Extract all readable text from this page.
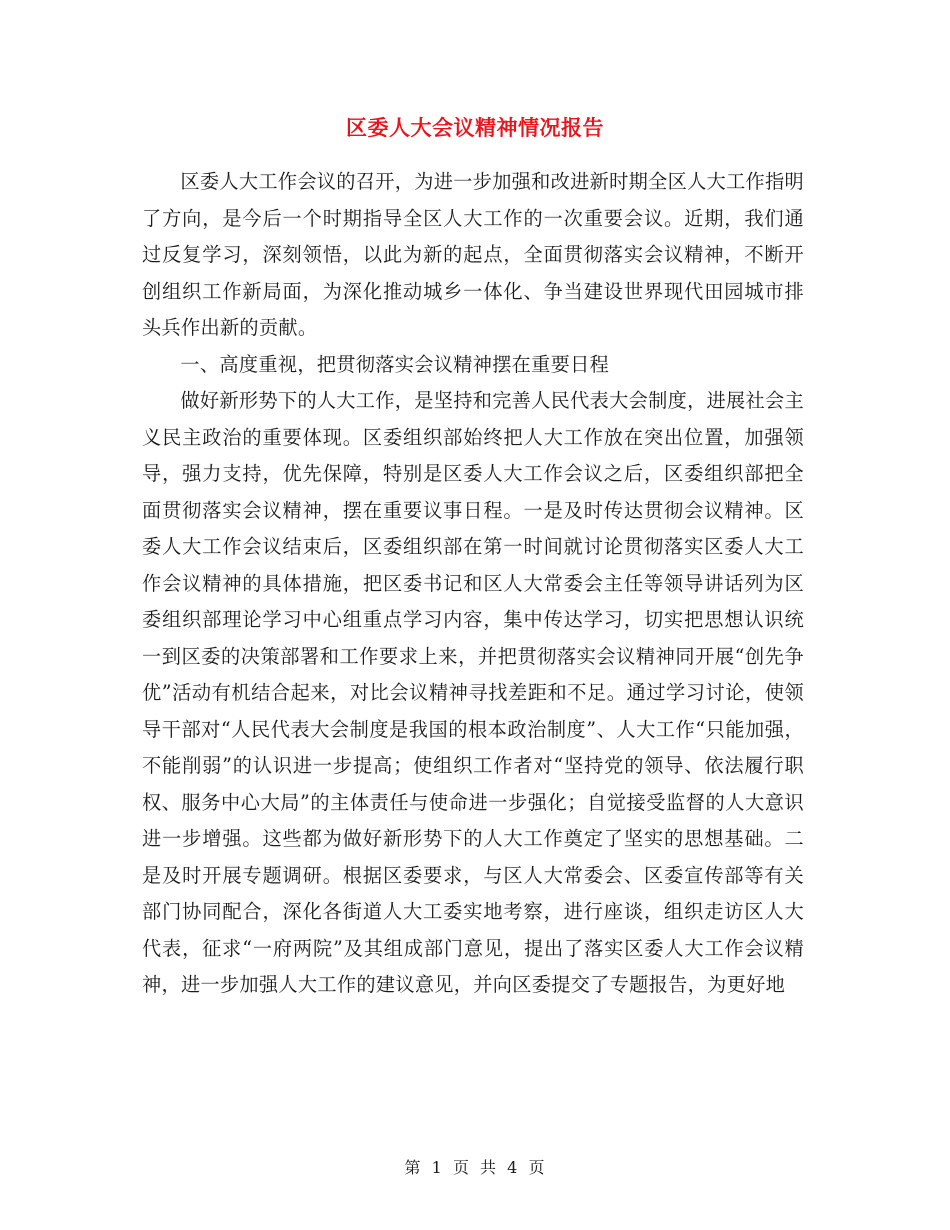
区委人大会议精神情况报告

区委人大工作会议的召开，为进一步加强和改进新时期全区人大工作指明了方向，是今后一个时期指导全区人大工作的一次重要会议。近期，我们通过反复学习，深刻领悟，以此为新的起点，全面贯彻落实会议精神，不断开创组织工作新局面，为深化推动城乡一体化、争当建设世界现代田园城市排头兵作出新的贡献。

一、高度重视，把贯彻落实会议精神摆在重要日程

做好新形势下的人大工作，是坚持和完善人民代表大会制度，进展社会主义民主政治的重要体现。区委组织部始终把人大工作放在突出位置，加强领导，强力支持，优先保障，特别是区委人大工作会议之后，区委组织部把全面贯彻落实会议精神，摆在重要议事日程。一是及时传达贯彻会议精神。区委人大工作会议结束后，区委组织部在第一时间就讨论贯彻落实区委人大工作会议精神的具体措施，把区委书记和区人大常委会主任等领导讲话列为区委组织部理论学习中心组重点学习内容，集中传达学习，切实把思想认识统一到区委的决策部署和工作要求上来，并把贯彻落实会议精神同开展“创先争优”活动有机结合起来，对比会议精神寻找差距和不足。通过学习讨论，使领导干部对“人民代表大会制度是我国的根本政治制度”、人大工作“只能加强，不能削弱”的认识进一步提高；使组织工作者对“坚持党的领导、依法履行职权、服务中心大局”的主体责任与使命进一步强化；自觉接受监督的人大意识进一步增强。这些都为做好新形势下的人大工作奠定了坚实的思想基础。二是及时开展专题调研。根据区委要求，与区人大常委会、区委宣传部等有关部门协同配合，深化各街道人大工委实地考察，进行座谈，组织走访区人大代表，征求“一府两院”及其组成部门意见，提出了落实区委人大工作会议精神，进一步加强人大工作的建议意见，并向区委提交了专题报告，为更好地

第 1 页 共 4 页
